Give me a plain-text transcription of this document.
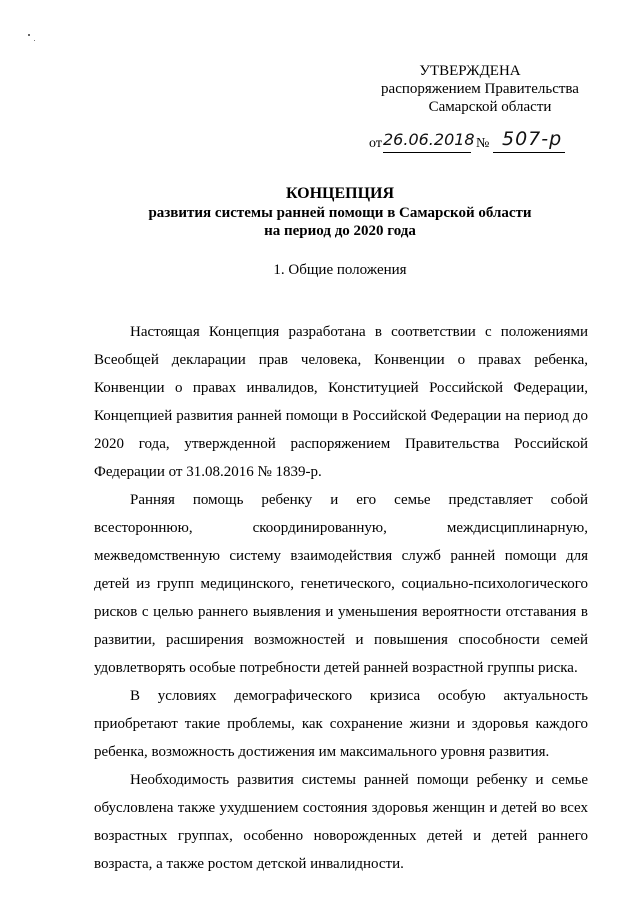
УТВЕРЖДЕНА
распоряжением Правительства
Самарской области
от 26.06.2018 № 507-р
КОНЦЕПЦИЯ
развития системы ранней помощи в Самарской области
на период до 2020 года
1. Общие положения

Настоящая Концепция разработана в соответствии с положениями Всеобщей декларации прав человека, Конвенции о правах ребенка, Конвенции о правах инвалидов, Конституцией Российской Федерации, Концепцией развития ранней помощи в Российской Федерации на период до 2020 года, утвержденной распоряжением Правительства Российской Федерации от 31.08.2016 № 1839-р.

Ранняя помощь ребенку и его семье представляет собой всестороннюю, скоординированную, междисциплинарную, межведомственную систему взаимодействия служб ранней помощи для детей из групп медицинского, генетического, социально-психологического рисков с целью раннего выявления и уменьшения вероятности отставания в развитии, расширения возможностей и повышения способности семей удовлетворять особые потребности детей ранней возрастной группы риска.

В условиях демографического кризиса особую актуальность приобретают такие проблемы, как сохранение жизни и здоровья каждого ребенка, возможность достижения им максимального уровня развития.

Необходимость развития системы ранней помощи ребенку и семье обусловлена также ухудшением состояния здоровья женщин и детей во всех возрастных группах, особенно новорожденных детей и детей раннего возраста, а также ростом детской инвалидности.
